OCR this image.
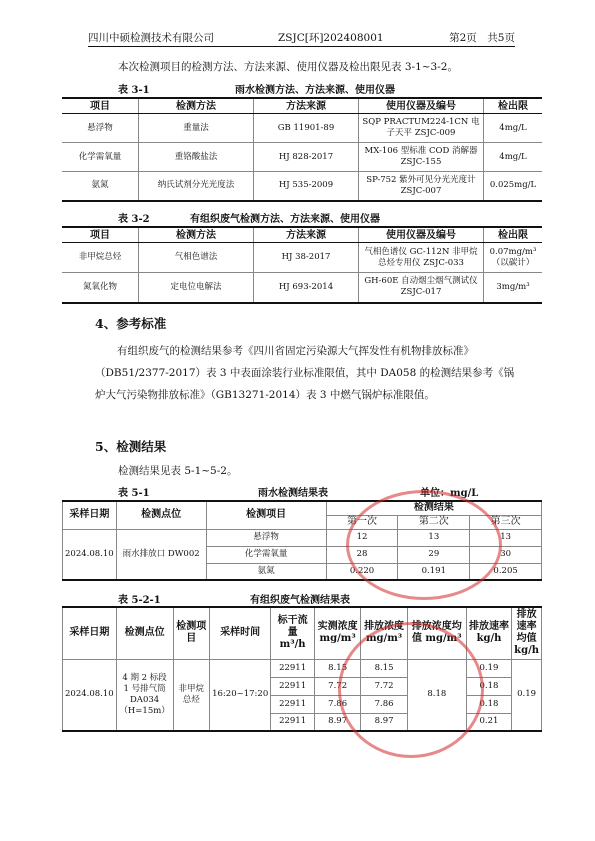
四川中硕检测技术有限公司	ZSJC[环]202408001	第2页　共5页
本次检测项目的检测方法、方法来源、使用仪器及检出限见表 3-1~3-2。
表 3-1	雨水检测方法、方法来源、使用仪器
项目	检测方法	方法来源	使用仪器及编号	检出限
悬浮物	重量法	GB 11901-89	SQP PRACTUM224-1CN 电子天平 ZSJC-009	4mg/L
化学需氧量	重铬酸盐法	HJ 828-2017	MX-106 型标准 COD 消解器 ZSJC-155	4mg/L
氨氮	纳氏试剂分光光度法	HJ 535-2009	SP-752 紫外可见分光光度计 ZSJC-007	0.025mg/L
表 3-2	有组织废气检测方法、方法来源、使用仪器
项目	检测方法	方法来源	使用仪器及编号	检出限
非甲烷总烃	气相色谱法	HJ 38-2017	气相色谱仪 GC-112N 非甲烷总烃专用仪 ZSJC-033	0.07mg/m³（以碳计）
氮氧化物	定电位电解法	HJ 693-2014	GH-60E 自动烟尘烟气测试仪 ZSJC-017	3mg/m³
4、参考标准
有组织废气的检测结果参考《四川省固定污染源大气挥发性有机物排放标准》（DB51/2377-2017）表 3 中表面涂装行业标准限值，其中 DA058 的检测结果参考《锅炉大气污染物排放标准》（GB13271-2014）表 3 中燃气锅炉标准限值。
5、检测结果
检测结果见表 5-1~5-2。
表 5-1	雨水检测结果表	单位：mg/L
采样日期	检测点位	检测项目	检测结果		
			第一次	第二次	第三次
2024.08.10	雨水排放口 DW002	悬浮物	12	13	13
		化学需氧量	28	29	30
		氨氮	0.220	0.191	0.205
表 5-2-1	有组织废气检测结果表
采样日期	检测点位	检测项目	采样时间	标干流量 m³/h	实测浓度 mg/m³	排放浓度 mg/m³	排放浓度均值 mg/m³	排放速率 kg/h	排放速率均值 kg/h
2024.08.10	4 期 2 标段 1 号排气筒 DA034 （H=15m）	非甲烷总烃	16:20~17:20	22911	8.15	8.15	8.18	0.19	0.19
				22911	7.72	7.72		0.18	
				22911	7.86	7.86		0.18	
				22911	8.97	8.97		0.21	
